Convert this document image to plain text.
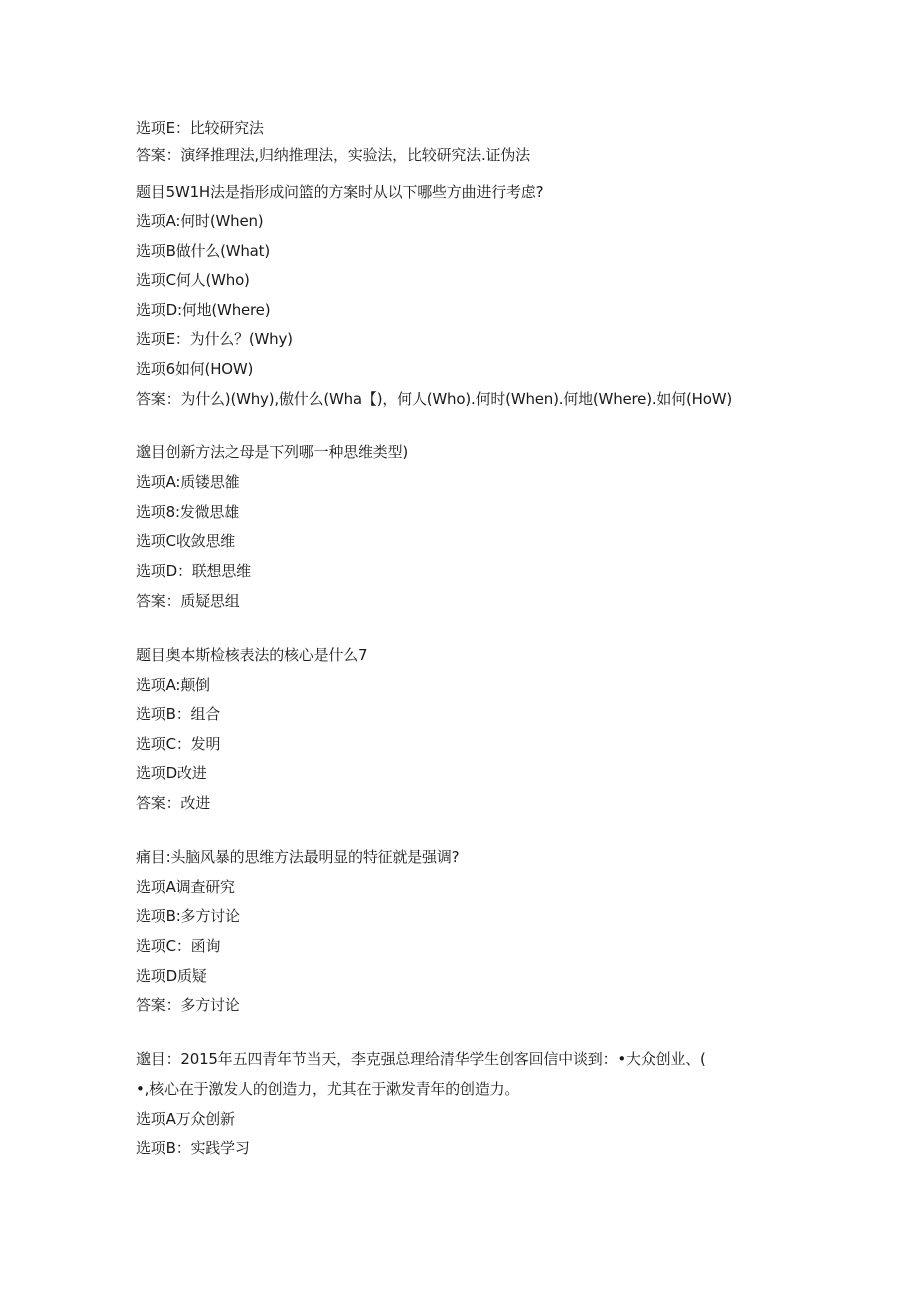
选项E：比较研究法
答案：演绎推理法,归纳推理法，实验法，比较研究法.证伪法
题目5W1H法是指形成问篮的方案时从以下哪些方曲进行考虑?
选项A:何时(When)
选项B做什么(What)
选项C何人(Who)
选项D:何地(Where)
选项E：为什么？(Why)
选项6如何(HOW)
答案：为什么)(Why),傲什么(Wha【)，何人(Who).何时(When).何地(Where).如何(HoW)
邈目创新方法之母是下列哪一种思维类型)
选项A:质镂思雒
选项8:发微思雄
选项C收敛思维
选项D：联想思维
答案：质疑思组
题目奥本斯检核表法的核心是什么7
选项A:颠倒
选项B：组合
选项C：发明
选项D改进
答案：改进
痛目:头脑风暴的思维方法最明显的特征就是强调?
选项A调查研究
选项B:多方讨论
选项C：函询
选项D质疑
答案：多方讨论
邈目：2015年五四青年节当天，李克强总理给清华学生创客回信中谈到：•大众创业、(
•,核心在于激发人的创造力，尤其在于漱发青年的创造力。
选项A万众创新
选项B：实践学习
